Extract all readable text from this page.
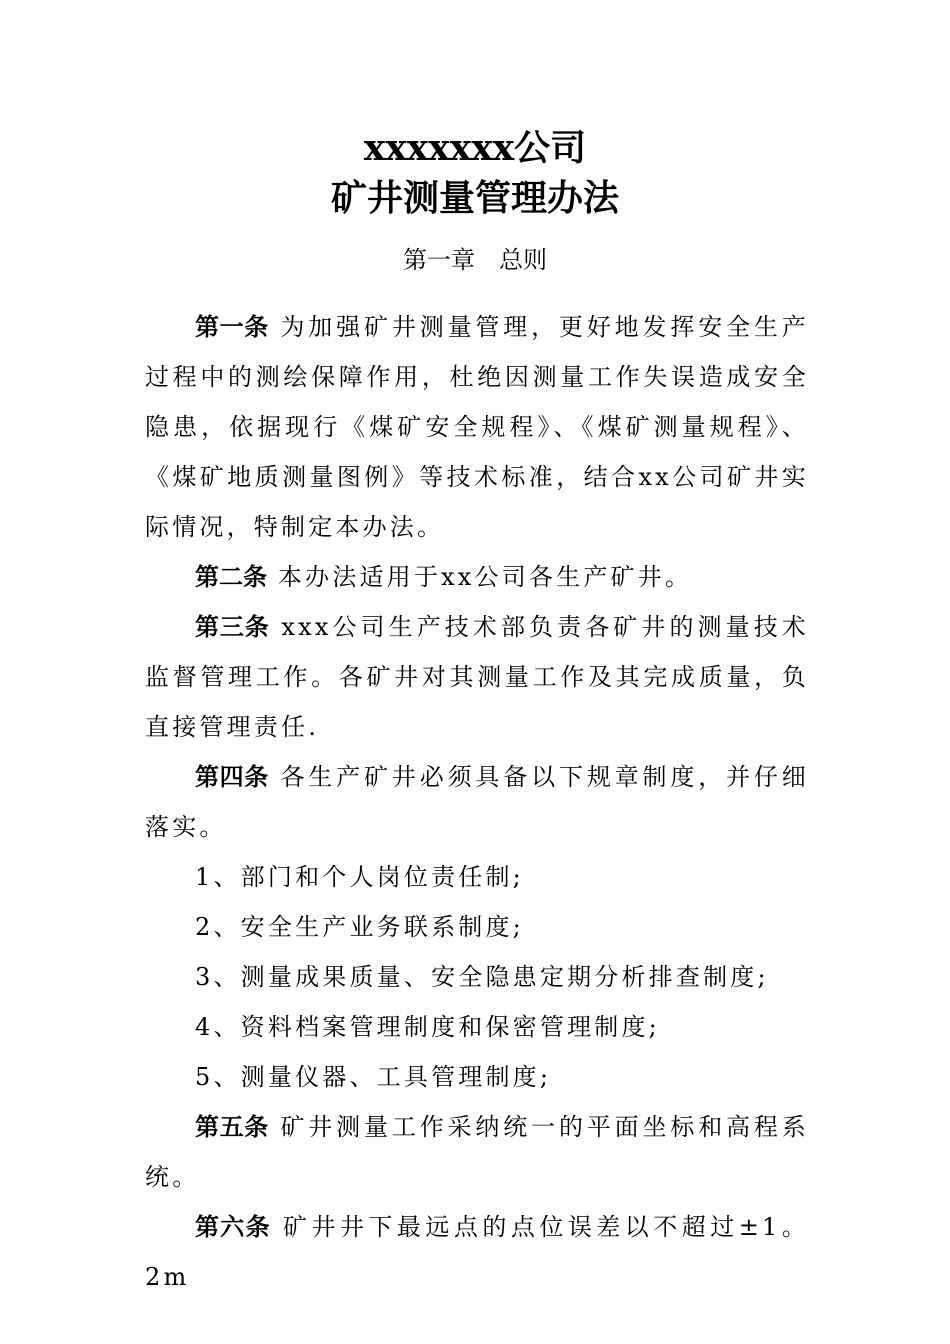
xxxxxxx公司
矿井测量管理办法
第一章　总则

第一条 为加强矿井测量管理，更好地发挥安全生产过程中的测绘保障作用，杜绝因测量工作失误造成安全隐患，依据现行《煤矿安全规程》、《煤矿测量规程》、《煤矿地质测量图例》等技术标准，结合xx公司矿井实际情况，特制定本办法。

第二条 本办法适用于xx公司各生产矿井。

第三条 xxx公司生产技术部负责各矿井的测量技术监督管理工作。各矿井对其测量工作及其完成质量，负直接管理责任.

第四条 各生产矿井必须具备以下规章制度，并仔细落实。

1、部门和个人岗位责任制;
2、安全生产业务联系制度;
3、测量成果质量、安全隐患定期分析排查制度;
4、资料档案管理制度和保密管理制度;
5、测量仪器、工具管理制度;

第五条 矿井测量工作采纳统一的平面坐标和高程系统。

第六条 矿井井下最远点的点位误差以不超过±1。2m
